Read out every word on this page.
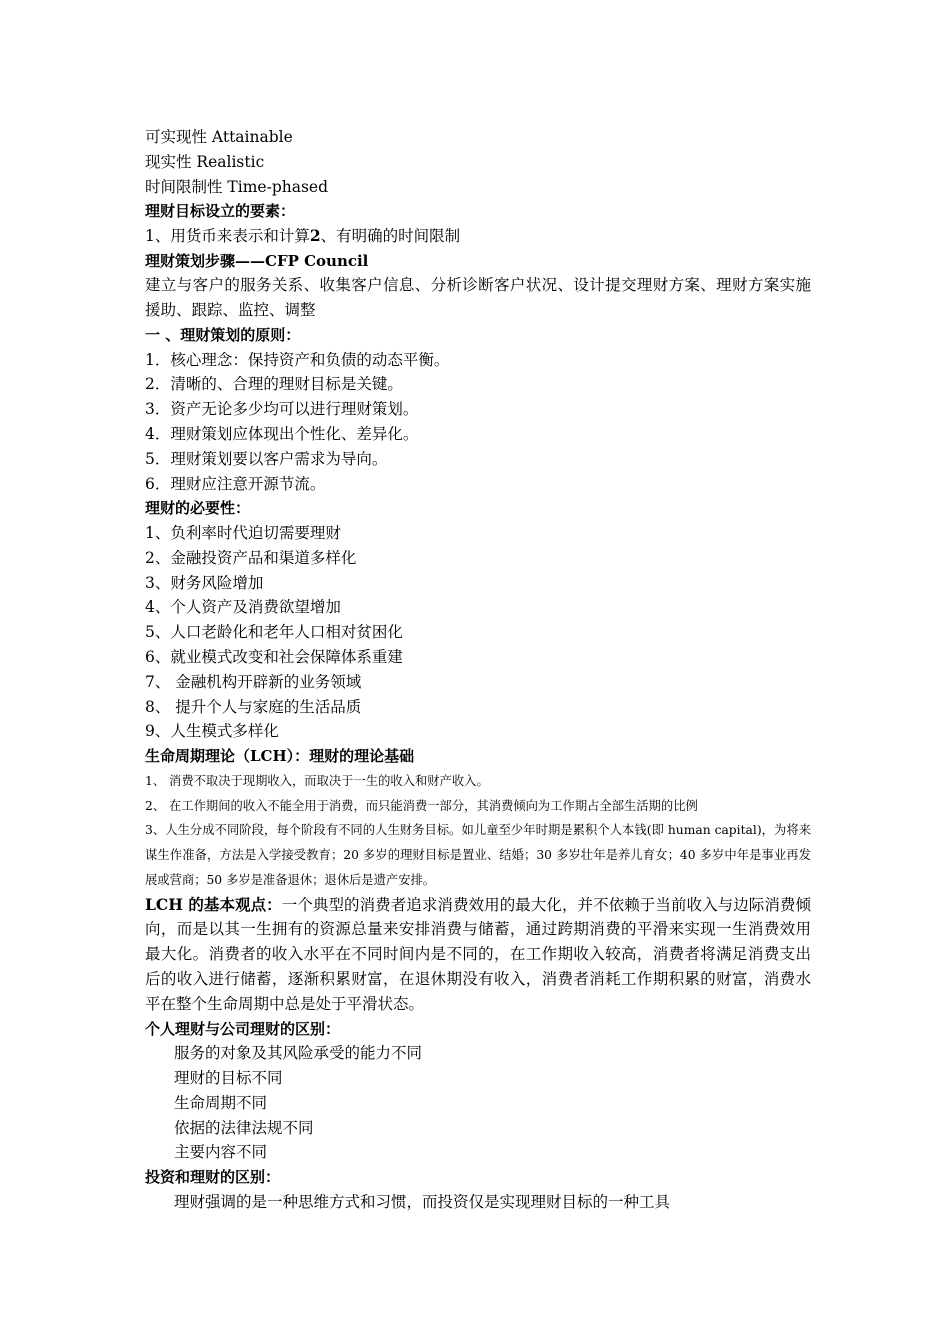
可实现性 Attainable
现实性 Realistic
时间限制性 Time-phased
理财目标设立的要素：
1、用货币来表示和计算2、有明确的时间限制
理财策划步骤——CFP Council
建立与客户的服务关系、收集客户信息、分析诊断客户状况、设计提交理财方案、理财方案实施援助、跟踪、监控、调整
一 、理财策划的原则：
1．核心理念：保持资产和负债的动态平衡。
2．清晰的、合理的理财目标是关键。
3．资产无论多少均可以进行理财策划。
4．理财策划应体现出个性化、差异化。
5．理财策划要以客户需求为导向。
6．理财应注意开源节流。
理财的必要性：
1、负利率时代迫切需要理财
2、金融投资产品和渠道多样化
3、财务风险增加
4、个人资产及消费欲望增加
5、人口老龄化和老年人口相对贫困化
6、就业模式改变和社会保障体系重建
7、 金融机构开辟新的业务领域
8、 提升个人与家庭的生活品质
9、人生模式多样化
生命周期理论（LCH）：理财的理论基础
1、 消费不取决于现期收入，而取决于一生的收入和财产收入。
2、 在工作期间的收入不能全用于消费，而只能消费一部分，其消费倾向为工作期占全部生活期的比例
3、人生分成不同阶段，每个阶段有不同的人生财务目标。如儿童至少年时期是累积个人本钱(即 human capital)，为将来谋生作准备，方法是入学接受教育；20 多岁的理财目标是置业、结婚；30 多岁壮年是养儿育女；40 多岁中年是事业再发展或营商；50 多岁是准备退休；退休后是遗产安排。
LCH 的基本观点：一个典型的消费者追求消费效用的最大化，并不依赖于当前收入与边际消费倾向，而是以其一生拥有的资源总量来安排消费与储蓄，通过跨期消费的平滑来实现一生消费效用最大化。消费者的收入水平在不同时间内是不同的，在工作期收入较高，消费者将满足消费支出后的收入进行储蓄，逐渐积累财富，在退休期没有收入，消费者消耗工作期积累的财富，消费水平在整个生命周期中总是处于平滑状态。
个人理财与公司理财的区别：
服务的对象及其风险承受的能力不同
理财的目标不同
生命周期不同
依据的法律法规不同
主要内容不同
投资和理财的区别：
理财强调的是一种思维方式和习惯，而投资仅是实现理财目标的一种工具
